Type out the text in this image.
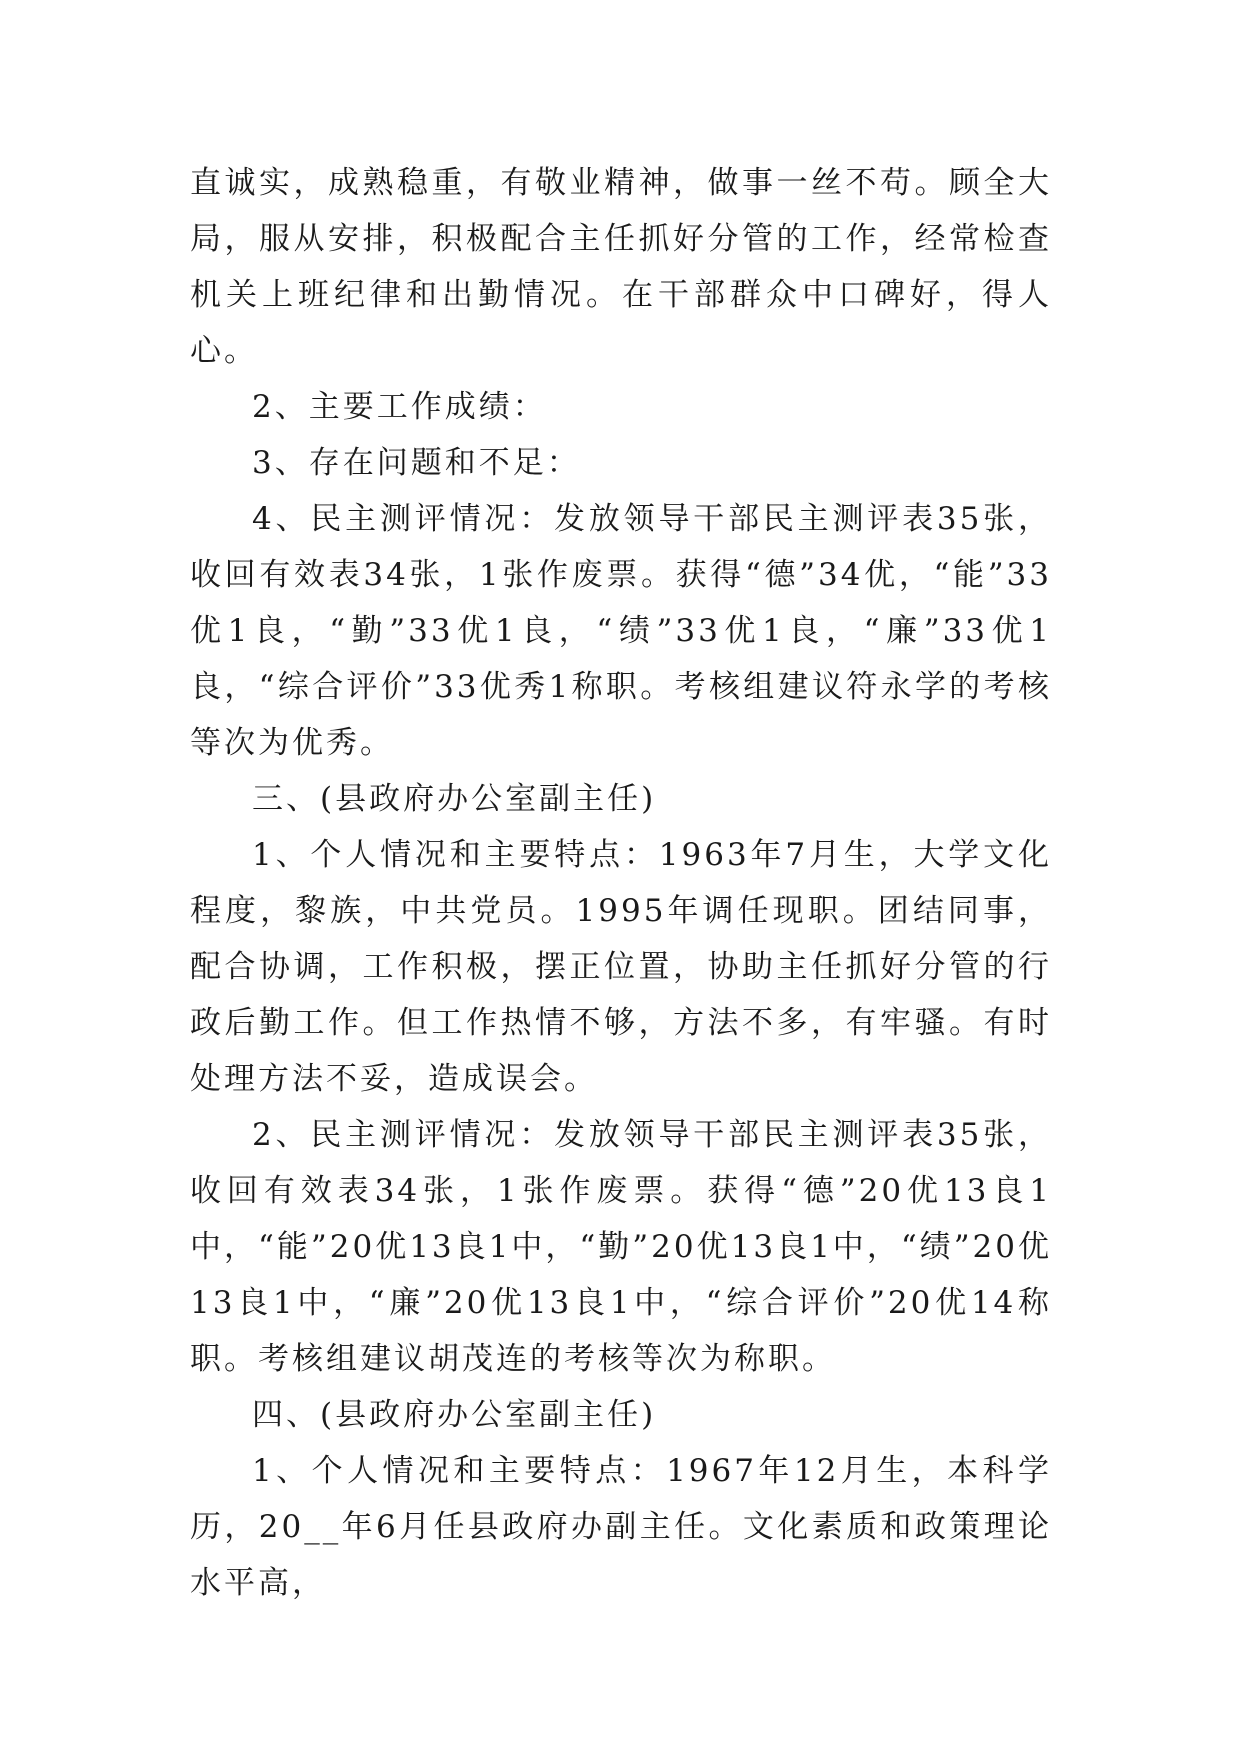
直诚实，成熟稳重，有敬业精神，做事一丝不苟。顾全大局，服从安排，积极配合主任抓好分管的工作，经常检查机关上班纪律和出勤情况。在干部群众中口碑好，得人心。

2、主要工作成绩：

3、存在问题和不足：

4、民主测评情况：发放领导干部民主测评表35张，收回有效表34张，1张作废票。获得“德”34优，“能”33优1良，“勤”33优1良，“绩”33优1良，“廉”33优1良，“综合评价”33优秀1称职。考核组建议符永学的考核等次为优秀。

三、(县政府办公室副主任)

1、个人情况和主要特点：1963年7月生，大学文化程度，黎族，中共党员。1995年调任现职。团结同事，配合协调，工作积极，摆正位置，协助主任抓好分管的行政后勤工作。但工作热情不够，方法不多，有牢骚。有时处理方法不妥，造成误会。

2、民主测评情况：发放领导干部民主测评表35张，收回有效表34张，1张作废票。获得“德”20优13良1中，“能”20优13良1中，“勤”20优13良1中，“绩”20优13良1中，“廉”20优13良1中，“综合评价”20优14称职。考核组建议胡茂连的考核等次为称职。

四、(县政府办公室副主任)

1、个人情况和主要特点：1967年12月生，本科学历，20__年6月任县政府办副主任。文化素质和政策理论水平高，
